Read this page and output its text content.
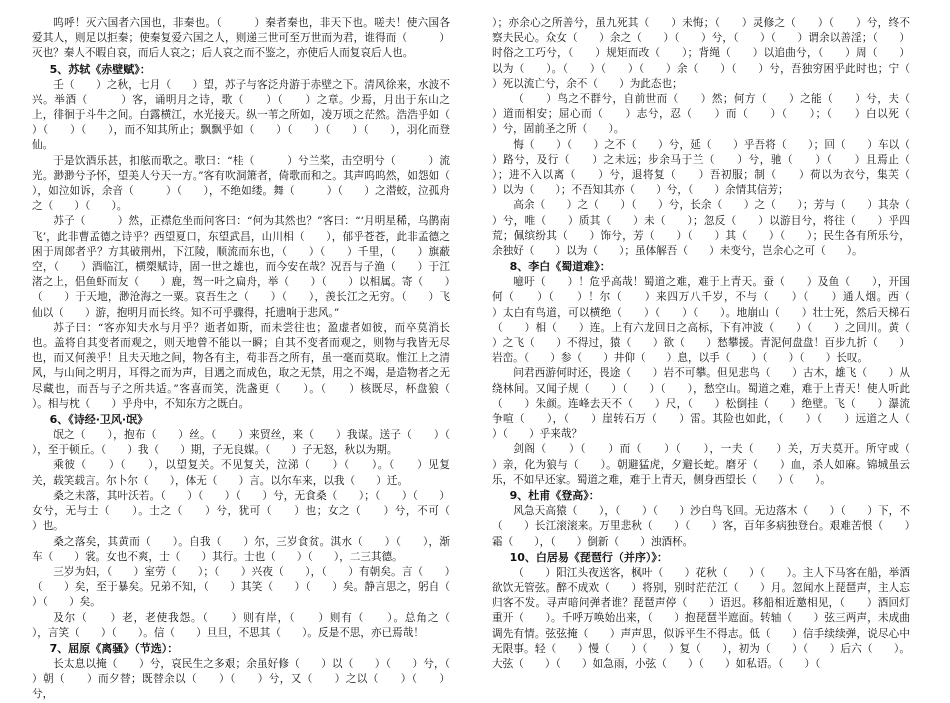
呜呼！灭六国者六国也，非秦也。（　　　）秦者秦也，非天下也。嗟夫！使六国各爱其人，则足以拒秦；使秦复爱六国之人，则递三世可至万世而为君，谁得而（　　　）灭也？秦人不暇自哀，而后人哀之；后人哀之而不鉴之，亦使后人而复哀后人也。

5、苏轼《赤壁赋》：

壬（　　）之秋，七月（　　）望，苏子与客泛舟游于赤壁之下。清风徐来，水波不兴。举酒（　　　）客，诵明月之诗，歌（　　）（　　）之章。少焉，月出于东山之上，徘徊于斗牛之间。白露横江，水光接天。纵一苇之所如，凌万顷之茫然。浩浩乎如（　　　）（　　）（　　），而不知其所止；飘飘乎如（　　）（　　）（　　）（　　），羽化而登仙。

于是饮酒乐甚，扣舷而歌之。歌曰：“桂（　　　）兮兰桨，击空明兮（　　　）流光。渺渺兮予怀，望美人兮天一方。”客有吹洞箫者，倚歌而和之。其声呜呜然，如怨如（　　），如泣如诉，余音（　　　）（　　），不绝如缕。舞（　　　）（　　）之潜蛟，泣孤舟之（　　）（　　）。

苏子（　　　）然，正襟危坐而问客曰：“何为其然也？”客曰：“‘月明星稀，乌鹊南飞’，此非曹孟德之诗乎？西望夏口，东望武昌，山川相（　　），郁乎苍苍，此非孟德之困于周郎者乎？方其破荆州，下江陵，顺流而东也，（　　）（　　）千里，（　　）旗蔽空，（　　）酒临江，横槊赋诗，固一世之雄也，而今安在哉？况吾与子渔（　　）于江渚之上，侣鱼虾而友（　　）鹿，驾一叶之扁舟，举（　　）（　　）以相属。寄（　　）（　　）于天地，渺沧海之一粟。哀吾生之（　　）（　　），羡长江之无穷。（　　）飞仙以（　　）游，抱明月而长终。知不可乎骤得，托遗响于悲风。”

苏子曰：“客亦知夫水与月乎？逝者如斯，而未尝往也；盈虚者如彼，而卒莫消长也。盖将自其变者而观之，则天地曾不能以一瞬；自其不变者而观之，则物与我皆无尽也，而又何羡乎！且夫天地之间，物各有主，苟非吾之所有，虽一毫而莫取。惟江上之清风，与山间之明月，耳得之而为声，目遇之而成色，取之无禁，用之不竭，是造物者之无尽藏也，而吾与子之所共适。”客喜而笑，洗盏更（　　）。（　　）核既尽，杯盘狼（　　　）。相与枕（　　）乎舟中，不知东方之既白。

6、《诗经·卫风·氓》

氓之（　　），抱布（　　）丝。（　　）来贸丝，来（　　）我谋。送子（　　）（　　），至于顿丘。（　　）我（　　）期，子无良媒。（　　）子无怒，秋以为期。

乘彼（　　）（　　），以望复关。不见复关，泣涕（　　）（　　）。（　　）见复关，载笑载言。尔卜尔（　　），体无（　　）言。以尔车来，以我（　　）迁。

桑之未落，其叶沃若。（　　）（　　）（　　）兮，无食桑（　　）；（　　）（　　）女兮，无与士（　　）。士之（　　）兮，犹可（　　）也；女之（　　）兮，不可（　　）也。

桑之落矣，其黄而（　　）。自我（　　）尔，三岁食贫。淇水（　　）（　　），渐车（　　）裳。女也不爽，士（　　）其行。士也（　　）（　　），二三其德。

三岁为妇，（　　）室劳（　　）；（　　）兴夜（　　），（　　）有朝矣。言（　　）（　　）矣，至于暴矣。兄弟不知，（　　）其笑（　　）（　　）矣。静言思之，躬自（　　）（　　）矣。

及尔（　　）老，老使我怨。（　　）则有岸，（　　）则有（　　）。总角之（　　），言笑（　　）（　　）。信（　　）旦旦，不思其（　　）。反是不思，亦已焉哉！

7、屈原《离骚》（节选）：

长太息以掩（　　）兮，哀民生之多艰；余虽好修（　　）以（　　）（　　）兮，（　　）朝（　　）而夕替；既替余以（　　）（　　）兮，又（　　）之以（　　）（　　）兮，

）；亦余心之所善兮，虽九死其（　　）未悔；（　　）灵修之（　　）（　　）兮，终不察夫民心。众女（　　）余之（　　）（　　）兮，（　　）（　　）谓余以善淫；（　　）时俗之工巧兮，（　　）规矩而改（　　）；背绳（　　）以追曲兮，（　　）周（　　）以为（　　）。（　　）（　　）（　　）余（　　）（　　）兮，吾独穷困乎此时也；宁（　　）死以流亡兮，余不（　　）为此态也；

（　　）鸟之不群兮，自前世而（　　）然；何方（　　）之能（　　）兮，夫（　　）道而相安；屈心而（　　）志兮，忍（　　）而（　　）（　　）；（　　）白以死（　　）兮，固前圣之所（　　）。

悔（　　）（　　）之不（　　）兮，延（　　）乎吾将（　　）；回（　　）车以（　　）路兮，及行（　　）之未远；步余马于兰（　　）兮，驰（　　）（　　）且焉止（　　）；进不入以离（　　）兮，退将复（　　）吾初服；制（　　）荷以为衣兮，集芙（　　）以为（　　）；不吾知其亦（　　）兮，（　　）余情其信芳；

高余（　　）之（　　）（　　）兮，长余（　　）之（　　）；芳与（　　）其杂（　　）兮，唯（　　）质其（　　）未（　　）；忽反（　　）以游目兮，将往（　　）乎四荒；佩缤纷其（　　）饰兮，芳（　　）（　　）其（　　）（　　）；民生各有所乐兮，余独好（　　）以为（　　）；虽体解吾（　　）未变兮，岂余心之可（　　）。

8、李白《蜀道难》：

噫吁（　　）！危乎高哉！蜀道之难，难于上青天。蚕（　　）及鱼（　　），开国何（　　）（　　）！尔（　　）来四万八千岁，不与（　　）（　　）通人烟。西（　　）太白有鸟道，可以横绝（　　）（　　）（　　）。地崩山（　　）壮士死，然后天梯石（　　）相（　　）连。上有六龙回日之高标，下有冲波（　　）（　　）之回川。黄（　　）之飞（　　）不得过，猿（　　）欲（　　）愁攀援。青泥何盘盘！百步九折（　　）岩峦。（　　）参（　　）井仰（　　）息，以手（　　）（　　）（　　）长叹。

问君西游何时还，畏途（　　）岩不可攀。但见悲鸟（　　）古木，雄飞（　　）从绕林间。又闻子规（　　）（　　）（　　），愁空山。蜀道之难，难于上青天！使人听此（　　）朱颜。连峰去天不（　　）尺，（　　）松倒挂（　　）绝壁。飞（　　）瀑流争喧（　　），（　　）崖转石万（　　）雷。其险也如此，（　　）（　　）远道之人（　　）（　　）乎来哉？

剑阁（　　）（　　）而（　　）（　　），一夫（　　）关，万夫莫开。所守或（　　）亲，化为狼与（　　）。朝避猛虎，夕避长蛇。磨牙（　　）血，杀人如麻。锦城虽云乐，不如早还家。蜀道之难，难于上青天，侧身西望长（　　）（　　）。

9、杜甫《登高》：

风急天高猿（　　），（　　）（　　）沙白鸟飞回。无边落木（　　）（　　）下，不（　　）长江滚滚来。万里悲秋（　　）（　　）客，百年多病独登台。艰难苦恨（　　）霜（　　），（　　）倒新（　　）浊酒杯。

10、白居易《琵琶行（并序）》：

（　　）阳江头夜送客，枫叶（　　）花秋（　　）（　　）。主人下马客在船，举酒欲饮无管弦。醉不成欢（　　）将别，别时茫茫江（　　）月。忽闻水上琵琶声，主人忘归客不发。寻声暗问弹者谁？琵琶声停（　　）语迟。移船相近邀相见，（　　）酒回灯重开（　　）。千呼万唤始出来，（　　）抱琵琶半遮面。转轴（　　）弦三两声，未成曲调先有情。弦弦掩（　　）声声思，似诉平生不得志。低（　　）信手续续弹，说尽心中无限事。轻（　　）慢（　　）（　　）复（　　），初为（　　）（　　）后六（　　）。大弦（　　）（　　）如急雨，小弦（　　）（　　）如私语。（　　）（　
